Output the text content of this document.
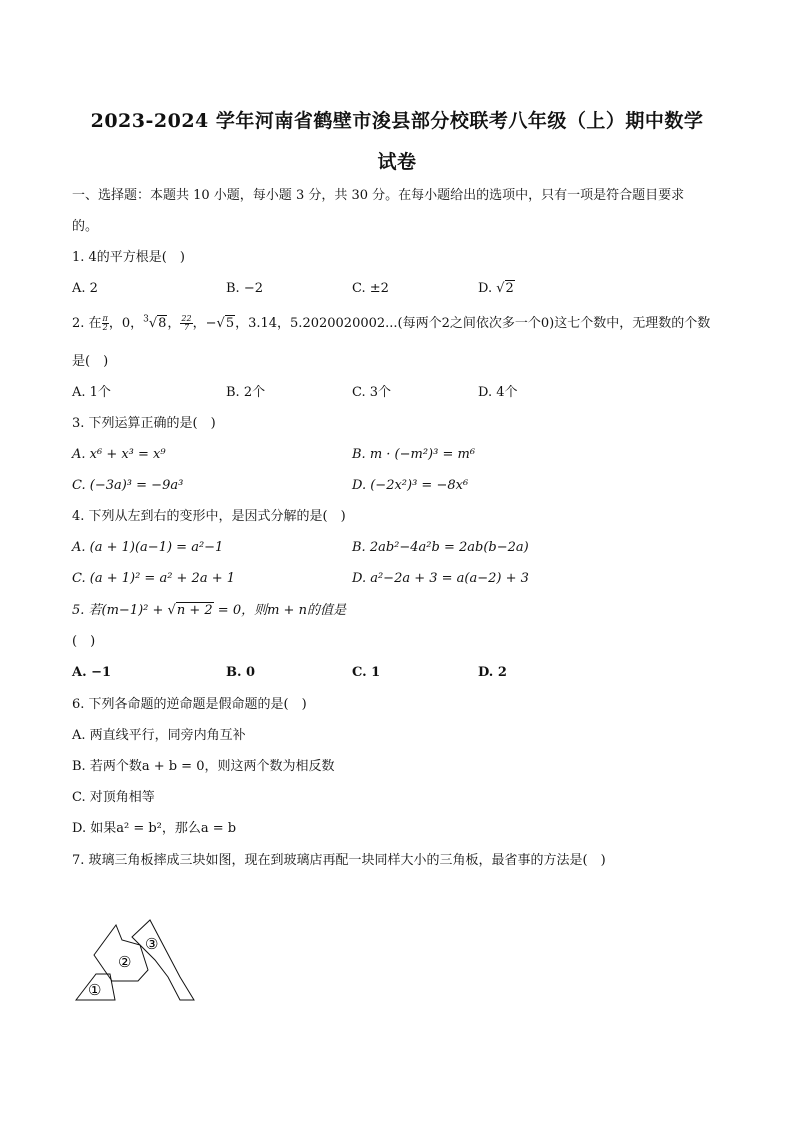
2023-2024 学年河南省鹤壁市浚县部分校联考八年级（上）期中数学
试卷
一、选择题：本题共 10 小题，每小题 3 分，共 30 分。在每小题给出的选项中，只有一项是符合题目要求
的。
1. 4的平方根是(　)
A. 2	B. −2	C. ±2	D. √2
2. 在 $\frac{\pi}{2}$ ，0，$^3$√8， $\frac{22}{7}$ ，−√5，3.14，5.2020020002...(每两个2之间依次多一个0)这七个数中，无理数的个数
是(　)
A. 1个	B. 2个	C. 3个	D. 4个
3. 下列运算正确的是(　)
A. x⁶ + x³ = x⁹	B. m · (−m²)³ = m⁶
C. (−3a)³ = −9a³	D. (−2x²)³ = −8x⁶
4. 下列从左到右的变形中，是因式分解的是(　)
A. (a + 1)(a−1) = a²−1	B. 2ab²−4a²b = 2ab(b−2a)
C. (a + 1)² = a² + 2a + 1	D. a²−2a + 3 = a(a−2) + 3
5. 若(m−1)² + √n + 2 = 0，则m + n的值是
(　)
A. −1	B. 0	C. 1	D. 2
6. 下列各命题的逆命题是假命题的是(　)
A. 两直线平行，同旁内角互补
B. 若两个数a + b = 0，则这两个数为相反数
C. 对顶角相等
D. 如果a² = b²，那么a = b
7. 玻璃三角板摔成三块如图，现在到玻璃店再配一块同样大小的三角板，最省事的方法是(　)
①
②
③
